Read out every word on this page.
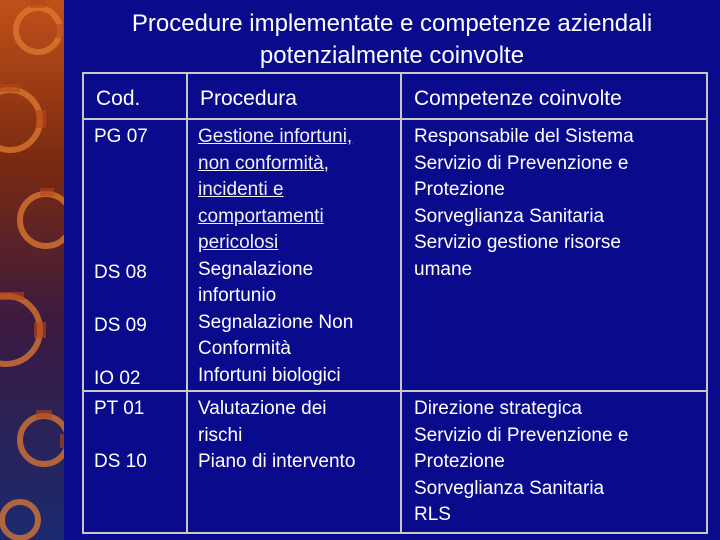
Procedure implementate e competenze aziendali
potenzialmente coinvolte
Cod.	Procedura	Competenze coinvolte
PG 07
DS 08
DS 09
IO 02
Gestione infortuni,
non conformità,
incidenti e
comportamenti
pericolosi
Segnalazione
infortunio
Segnalazione Non
Conformità
Infortuni biologici
Responsabile del Sistema
Servizio di Prevenzione e
Protezione
Sorveglianza Sanitaria
Servizio gestione risorse
umane
PT 01
DS 10
Valutazione dei
rischi
Piano di intervento
Direzione strategica
Servizio di Prevenzione e
Protezione
Sorveglianza Sanitaria
RLS
